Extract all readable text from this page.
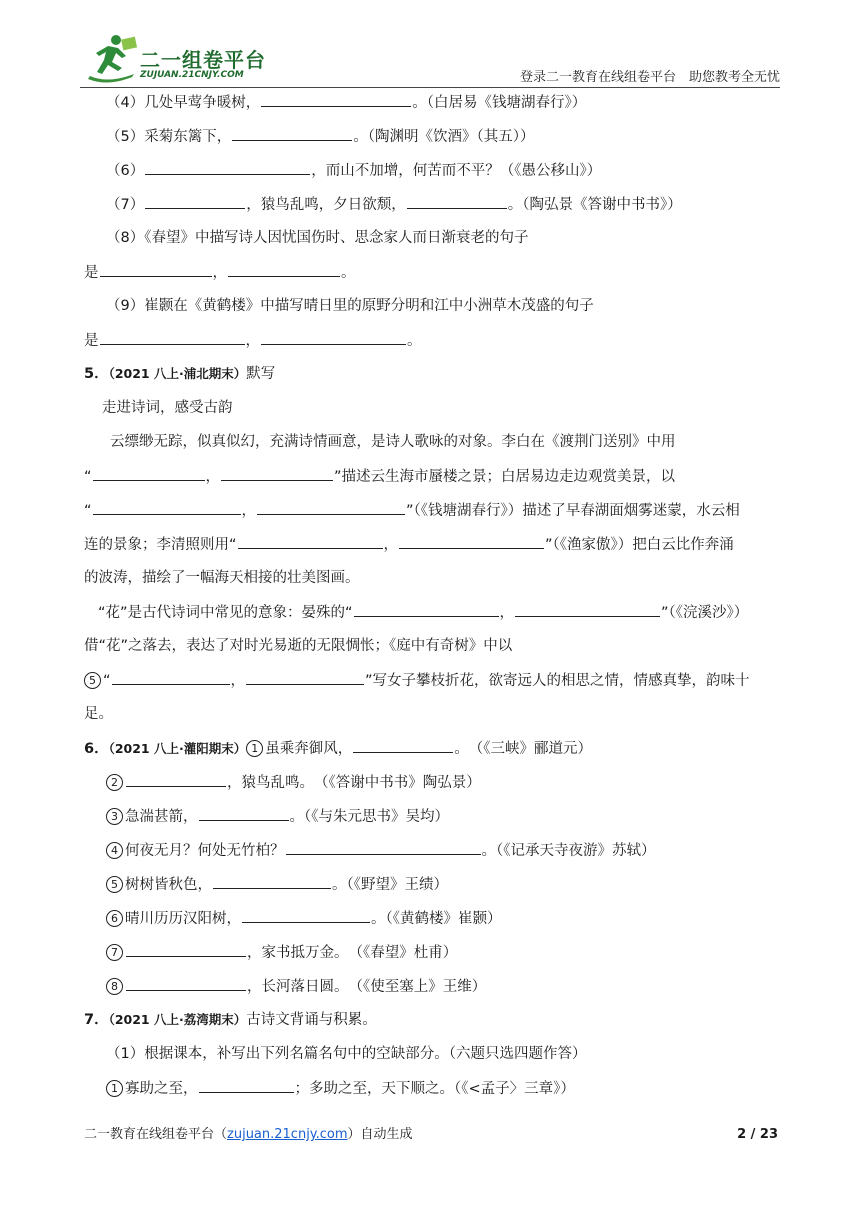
二一组卷平台
ZUJUAN.21CNJY.COM	登录二一教育在线组卷平台　助您教考全无忧
（4）几处早莺争暖树，	。（白居易《钱塘湖春行》）
（5）采菊东篱下，	。（陶渊明《饮酒》（其五））
（6）	，而山不加增，何苦而不平？（《愚公移山》）
（7）	，猿鸟乱鸣，夕日欲颓，	。（陶弘景《答谢中书书》）
（8）《春望》中描写诗人因忧国伤时、思念家人而日渐衰老的句子
是	，	。
（9）崔颢在《黄鹤楼》中描写晴日里的原野分明和江中小洲草木茂盛的句子
是	，	。
5．（2021 八上·浦北期末）默写
走进诗词，感受古韵
云缥缈无踪，似真似幻，充满诗情画意，是诗人歌咏的对象。李白在《渡荆门送别》中用
“	，	”描述云生海市蜃楼之景；白居易边走边观赏美景，以
“	，	”（《钱塘湖春行》）描述了早春湖面烟雾迷蒙，水云相
连的景象；李清照则用“	，	”（《渔家傲》）把白云比作奔涌
的波涛，描绘了一幅海天相接的壮美图画。
“花”是古代诗词中常见的意象：晏殊的“	，	”（《浣溪沙》）
借“花”之落去，表达了对时光易逝的无限惆怅；《庭中有奇树》中以
5 “	，	”写女子攀枝折花，欲寄远人的相思之情，情感真挚，韵味十
足。
6．（2021 八上·灌阳期末） 1 虽乘奔御风，	。　（《三峡》郦道元）
2	，猿鸟乱鸣。　（《答谢中书书》陶弘景）
3 急湍甚箭，	。（《与朱元思书》吴均）
4 何夜无月？何处无竹柏？	。（《记承天寺夜游》苏轼）
5 树树皆秋色，	。（《野望》王绩）
6 晴川历历汉阳树，	。（《黄鹤楼》崔颢）
7	，家书抵万金。　（《春望》杜甫）
8	，长河落日圆。　（《使至塞上》王维）
7．（2021 八上·荔湾期末）古诗文背诵与积累。
（1）根据课本，补写出下列名篇名句中的空缺部分。（六题只选四题作答）
1 寡助之至，	；多助之至，天下顺之。（《<孟子〉三章》）
二一教育在线组卷平台（zujuan.21cnjy.com）自动生成	2 / 23
